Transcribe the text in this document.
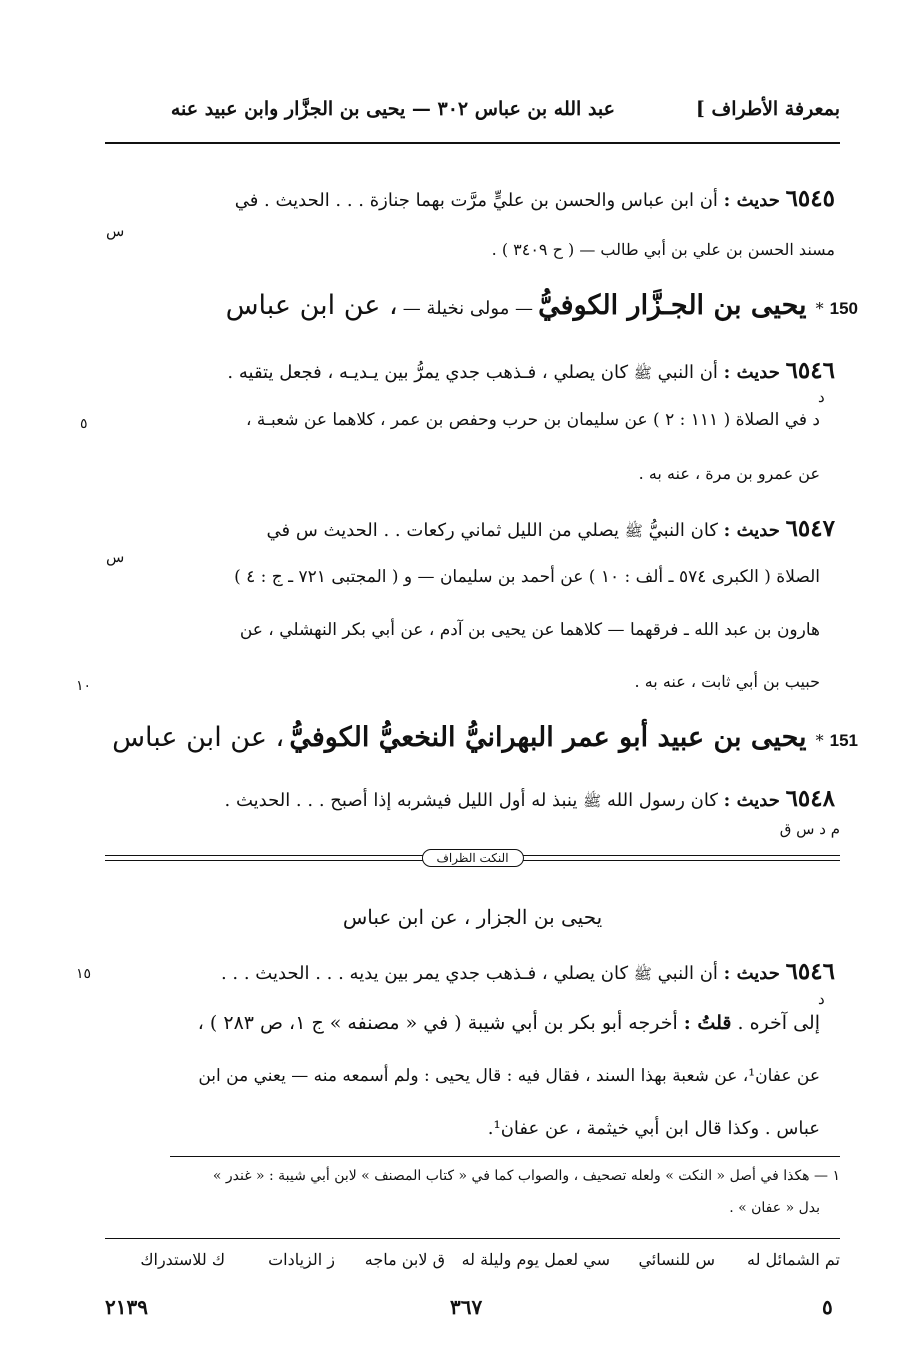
بمعرفة الأطراف ]
عبد الله بن عباس ٣٠٢ — يحيى بن الجزَّار وابن عبيد عنه
٦٥٤٥ حديث : أن ابن عباس والحسن بن عليٍّ مرَّت بهما جنازة . . . الحديث . في
س
مسند الحسن بن علي بن أبي طالب — ( ح ٣٤٠٩ ) .
150* يحيى بن الجـزَّار الكوفيُّ — مولى نخيلة — ، عن ابن عباس
٦٥٤٦ حديث : أن النبي ﷺ كان يصلي ، فـذهب جدي يمرُّ بين يـديـه ، فجعل يتقيه .
د
د في الصلاة ( ١١١ : ٢ ) عن سليمان بن حرب وحفص بن عمر ، كلاهما عن شعبـة ،
٥
عن عمرو بن مرة ، عنه به .
٦٥٤٧ حديث : كان النبيُّ ﷺ يصلي من الليل ثماني ركعات . . الحديث س في
س
الصلاة ( الكبرى ٥٧٤ ـ ألف : ١٠ ) عن أحمد بن سليمان — و ( المجتبى ٧٢١ ـ ج : ٤ )
هارون بن عبد الله ـ فرقهما — كلاهما عن يحيى بن آدم ، عن أبي بكر النهشلي ، عن
حبيب بن أبي ثابت ، عنه به .
١٠
151* يحيى بن عبيد أبو عمر البهرانيُّ النخعيُّ الكوفيُّ ، عن ابن عباس
٦٥٤٨ حديث : كان رسول الله ﷺ ينبذ له أول الليل فيشربه إذا أصبح . . . الحديث .
م د س ق
النكت الظراف
يحيى بن الجزار ، عن ابن عباس
٦٥٤٦ حديث : أن النبي ﷺ كان يصلي ، فـذهب جدي يمر بين يديه . . . الحديث . . .
١٥
د
إلى آخره . قلتُ : أخرجه أبو بكر بن أبي شيبة ( في « مصنفه » ج ١، ص ٢٨٣ ) ،
عن عفان¹، عن شعبة بهذا السند ، فقال فيه : قال يحيى : ولم أسمعه منه — يعني من ابن
عباس . وكذا قال ابن أبي خيثمة ، عن عفان¹.
١ — هكذا في أصل « النكت » ولعله تصحيف ، والصواب كما في « كتاب المصنف » لابن أبي شيبة : « غندر »
بدل « عفان » .
تم الشمائل له
س للنسائي
سي لعمل يوم وليلة له
ق لابن ماجه
ز الزيادات
ك للاستدراك
٢١٣٩	٣٦٧	٥
